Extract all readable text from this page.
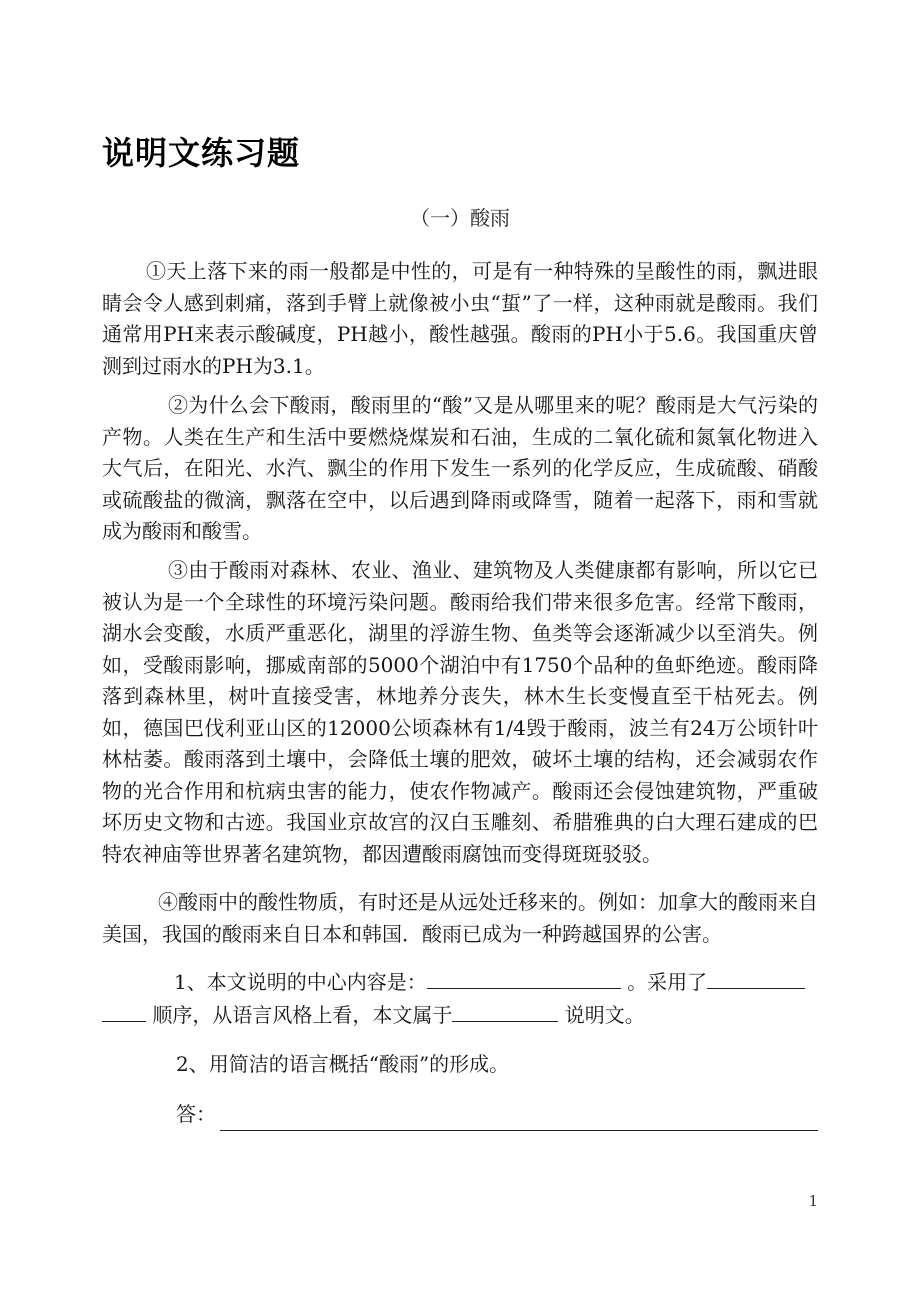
说明文练习题
（一）酸雨

①天上落下来的雨一般都是中性的，可是有一种特殊的呈酸性的雨，飘进眼睛会令人感到刺痛，落到手臂上就像被小虫“蜇”了一样，这种雨就是酸雨。我们通常用PH来表示酸碱度，PH越小，酸性越强。酸雨的PH小于5.6。我国重庆曾测到过雨水的PH为3.1。

②为什么会下酸雨，酸雨里的“酸”又是从哪里来的呢？酸雨是大气污染的产物。人类在生产和生活中要燃烧煤炭和石油，生成的二氧化硫和氮氧化物进入大气后，在阳光、水汽、飘尘的作用下发生一系列的化学反应，生成硫酸、硝酸或硫酸盐的微滴，飘落在空中，以后遇到降雨或降雪，随着一起落下，雨和雪就成为酸雨和酸雪。

③由于酸雨对森林、农业、渔业、建筑物及人类健康都有影响，所以它已被认为是一个全球性的环境污染问题。酸雨给我们带来很多危害。经常下酸雨，湖水会变酸，水质严重恶化，湖里的浮游生物、鱼类等会逐渐减少以至消失。例如，受酸雨影响，挪威南部的5000个湖泊中有1750个品种的鱼虾绝迹。酸雨降落到森林里，树叶直接受害，林地养分丧失，林木生长变慢直至干枯死去。例如，德国巴伐利亚山区的12000公顷森林有1/4毁于酸雨，波兰有24万公顷针叶林枯萎。酸雨落到土壤中，会降低土壤的肥效，破坏土壤的结构，还会减弱农作物的光合作用和杭病虫害的能力，使农作物减产。酸雨还会侵蚀建筑物，严重破坏历史文物和古迹。我国业京故宫的汉白玉雕刻、希腊雅典的白大理石建成的巴特农神庙等世界著名建筑物，都因遭酸雨腐蚀而变得斑斑驳驳。

④酸雨中的酸性物质，有时还是从远处迁移来的。例如：加拿大的酸雨来自美国，我国的酸雨来自日本和韩国．酸雨已成为一种跨越国界的公害。

1、本文说明的中心内容是：	。采用了 顺序，从语言风格上看，本文属于	说明文。

2、用简洁的语言概括“酸雨”的形成。

答：
1
